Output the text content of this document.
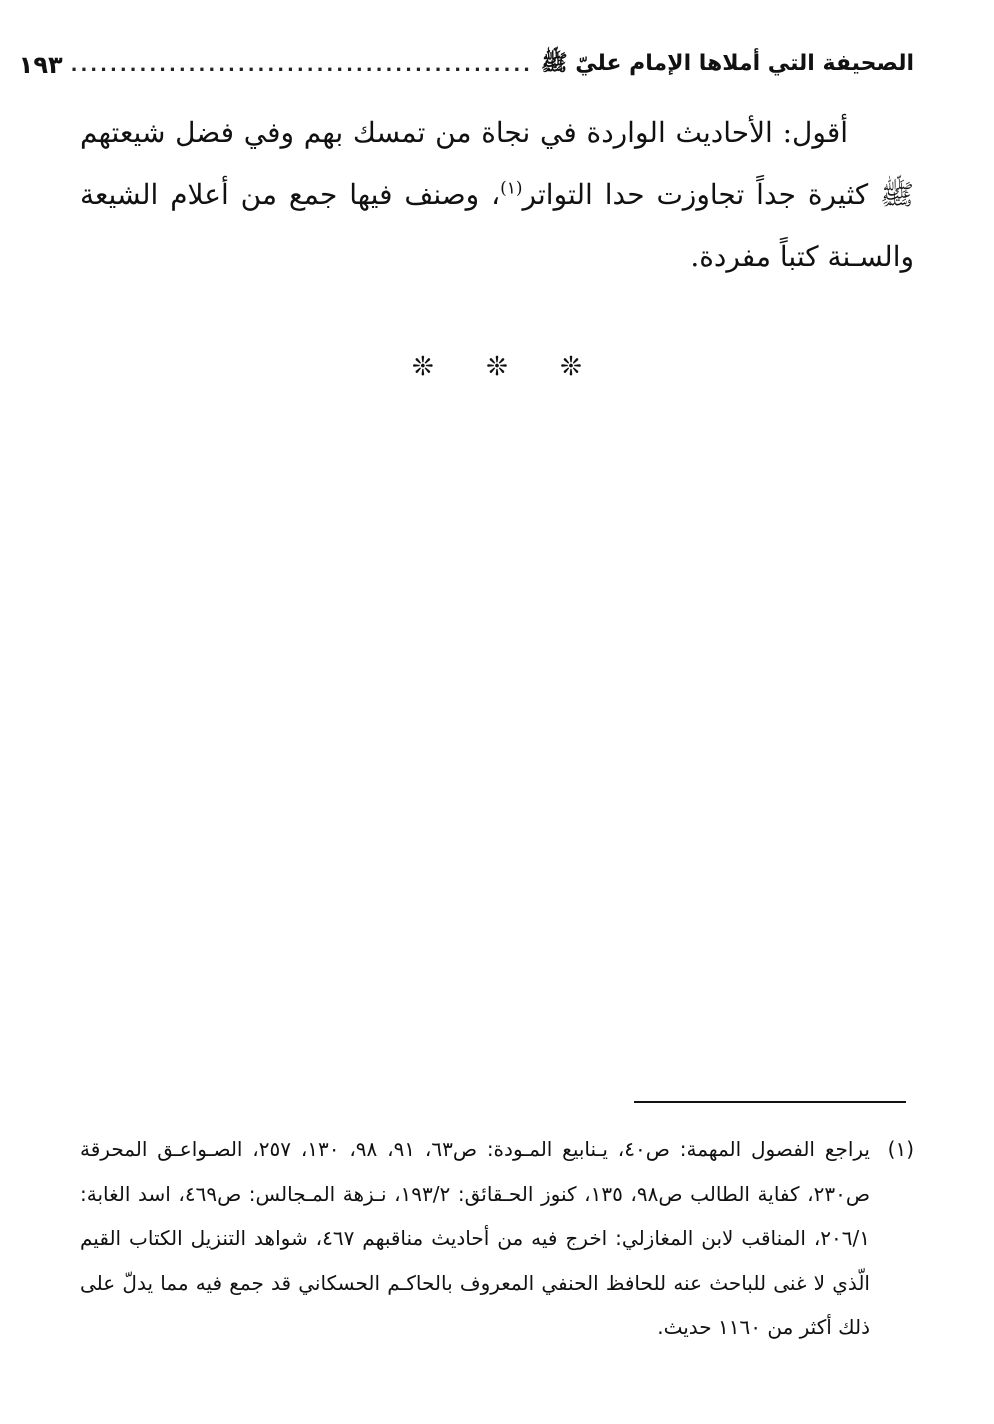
الصحيفة التي أملاها الإمام عليّ ﷺ
...............................................
١٩٣

أقول: الأحاديث الواردة في نجاة من تمسك بهم وفي فضل شيعتهم ﷺ كثيرة جداً تجاوزت حدا التواتر$^{(١)}$، وصنف فيها جمع من أعلام الشيعة والسـنة كتباً مفردة.

❊ ❊ ❊

(١)
يراجع الفصول المهمة: ص٤٠، يـنابيع المـودة: ص٦٣، ٩١، ٩٨، ١٣٠، ٢٥٧، الصـواعـق المحرقة ص٢٣٠، كفاية الطالب ص٩٨، ١٣٥، كنوز الحـقائق: ١٩٣/٢، نـزهة المـجالس: ص٤٦٩، اسد الغابة: ٢٠٦/١، المناقب لابن المغازلي: اخرج فيه من أحاديث مناقبهم ٤٦٧، شواهد التنزيل الكتاب القيم الّذي لا غنى للباحث عنه للحافظ الحنفي المعروف بالحاكـم الحسكاني قد جمع فيه مما يدلّ على ذلك أكثر من ١١٦٠ حديث.
